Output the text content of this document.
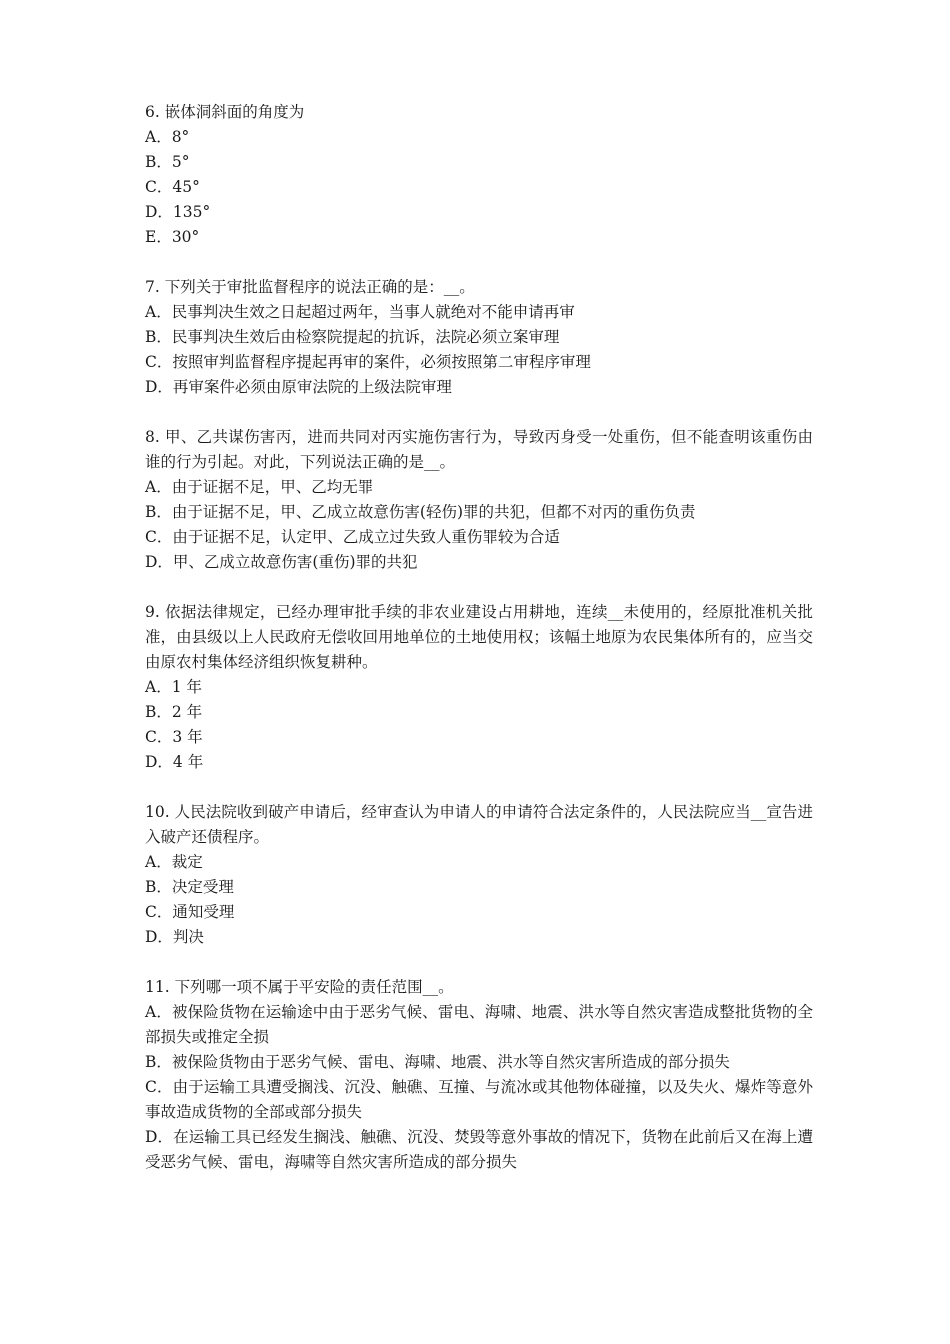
6. 嵌体洞斜面的角度为

A．8°

B．5°

C．45°

D．135°

E．30°

7. 下列关于审批监督程序的说法正确的是：__。

A．民事判决生效之日起超过两年，当事人就绝对不能申请再审

B．民事判决生效后由检察院提起的抗诉，法院必须立案审理

C．按照审判监督程序提起再审的案件，必须按照第二审程序审理

D．再审案件必须由原审法院的上级法院审理

8. 甲、乙共谋伤害丙，进而共同对丙实施伤害行为，导致丙身受一处重伤，但不能查明该重伤由谁的行为引起。对此，下列说法正确的是__。

A．由于证据不足，甲、乙均无罪

B．由于证据不足，甲、乙成立故意伤害(轻伤)罪的共犯，但都不对丙的重伤负责

C．由于证据不足，认定甲、乙成立过失致人重伤罪较为合适

D．甲、乙成立故意伤害(重伤)罪的共犯

9. 依据法律规定，已经办理审批手续的非农业建设占用耕地，连续__未使用的，经原批准机关批准，由县级以上人民政府无偿收回用地单位的土地使用权；该幅土地原为农民集体所有的，应当交由原农村集体经济组织恢复耕种。

A．1 年

B．2 年

C．3 年

D．4 年

10. 人民法院收到破产申请后，经审查认为申请人的申请符合法定条件的，人民法院应当__宣告进入破产还债程序。

A．裁定

B．决定受理

C．通知受理

D．判决

11. 下列哪一项不属于平安险的责任范围__。

A．被保险货物在运输途中由于恶劣气候、雷电、海啸、地震、洪水等自然灾害造成整批货物的全部损失或推定全损

B．被保险货物由于恶劣气候、雷电、海啸、地震、洪水等自然灾害所造成的部分损失

C．由于运输工具遭受搁浅、沉没、触礁、互撞、与流冰或其他物体碰撞，以及失火、爆炸等意外事故造成货物的全部或部分损失

D．在运输工具已经发生搁浅、触礁、沉没、焚毁等意外事故的情况下，货物在此前后又在海上遭受恶劣气候、雷电，海啸等自然灾害所造成的部分损失
